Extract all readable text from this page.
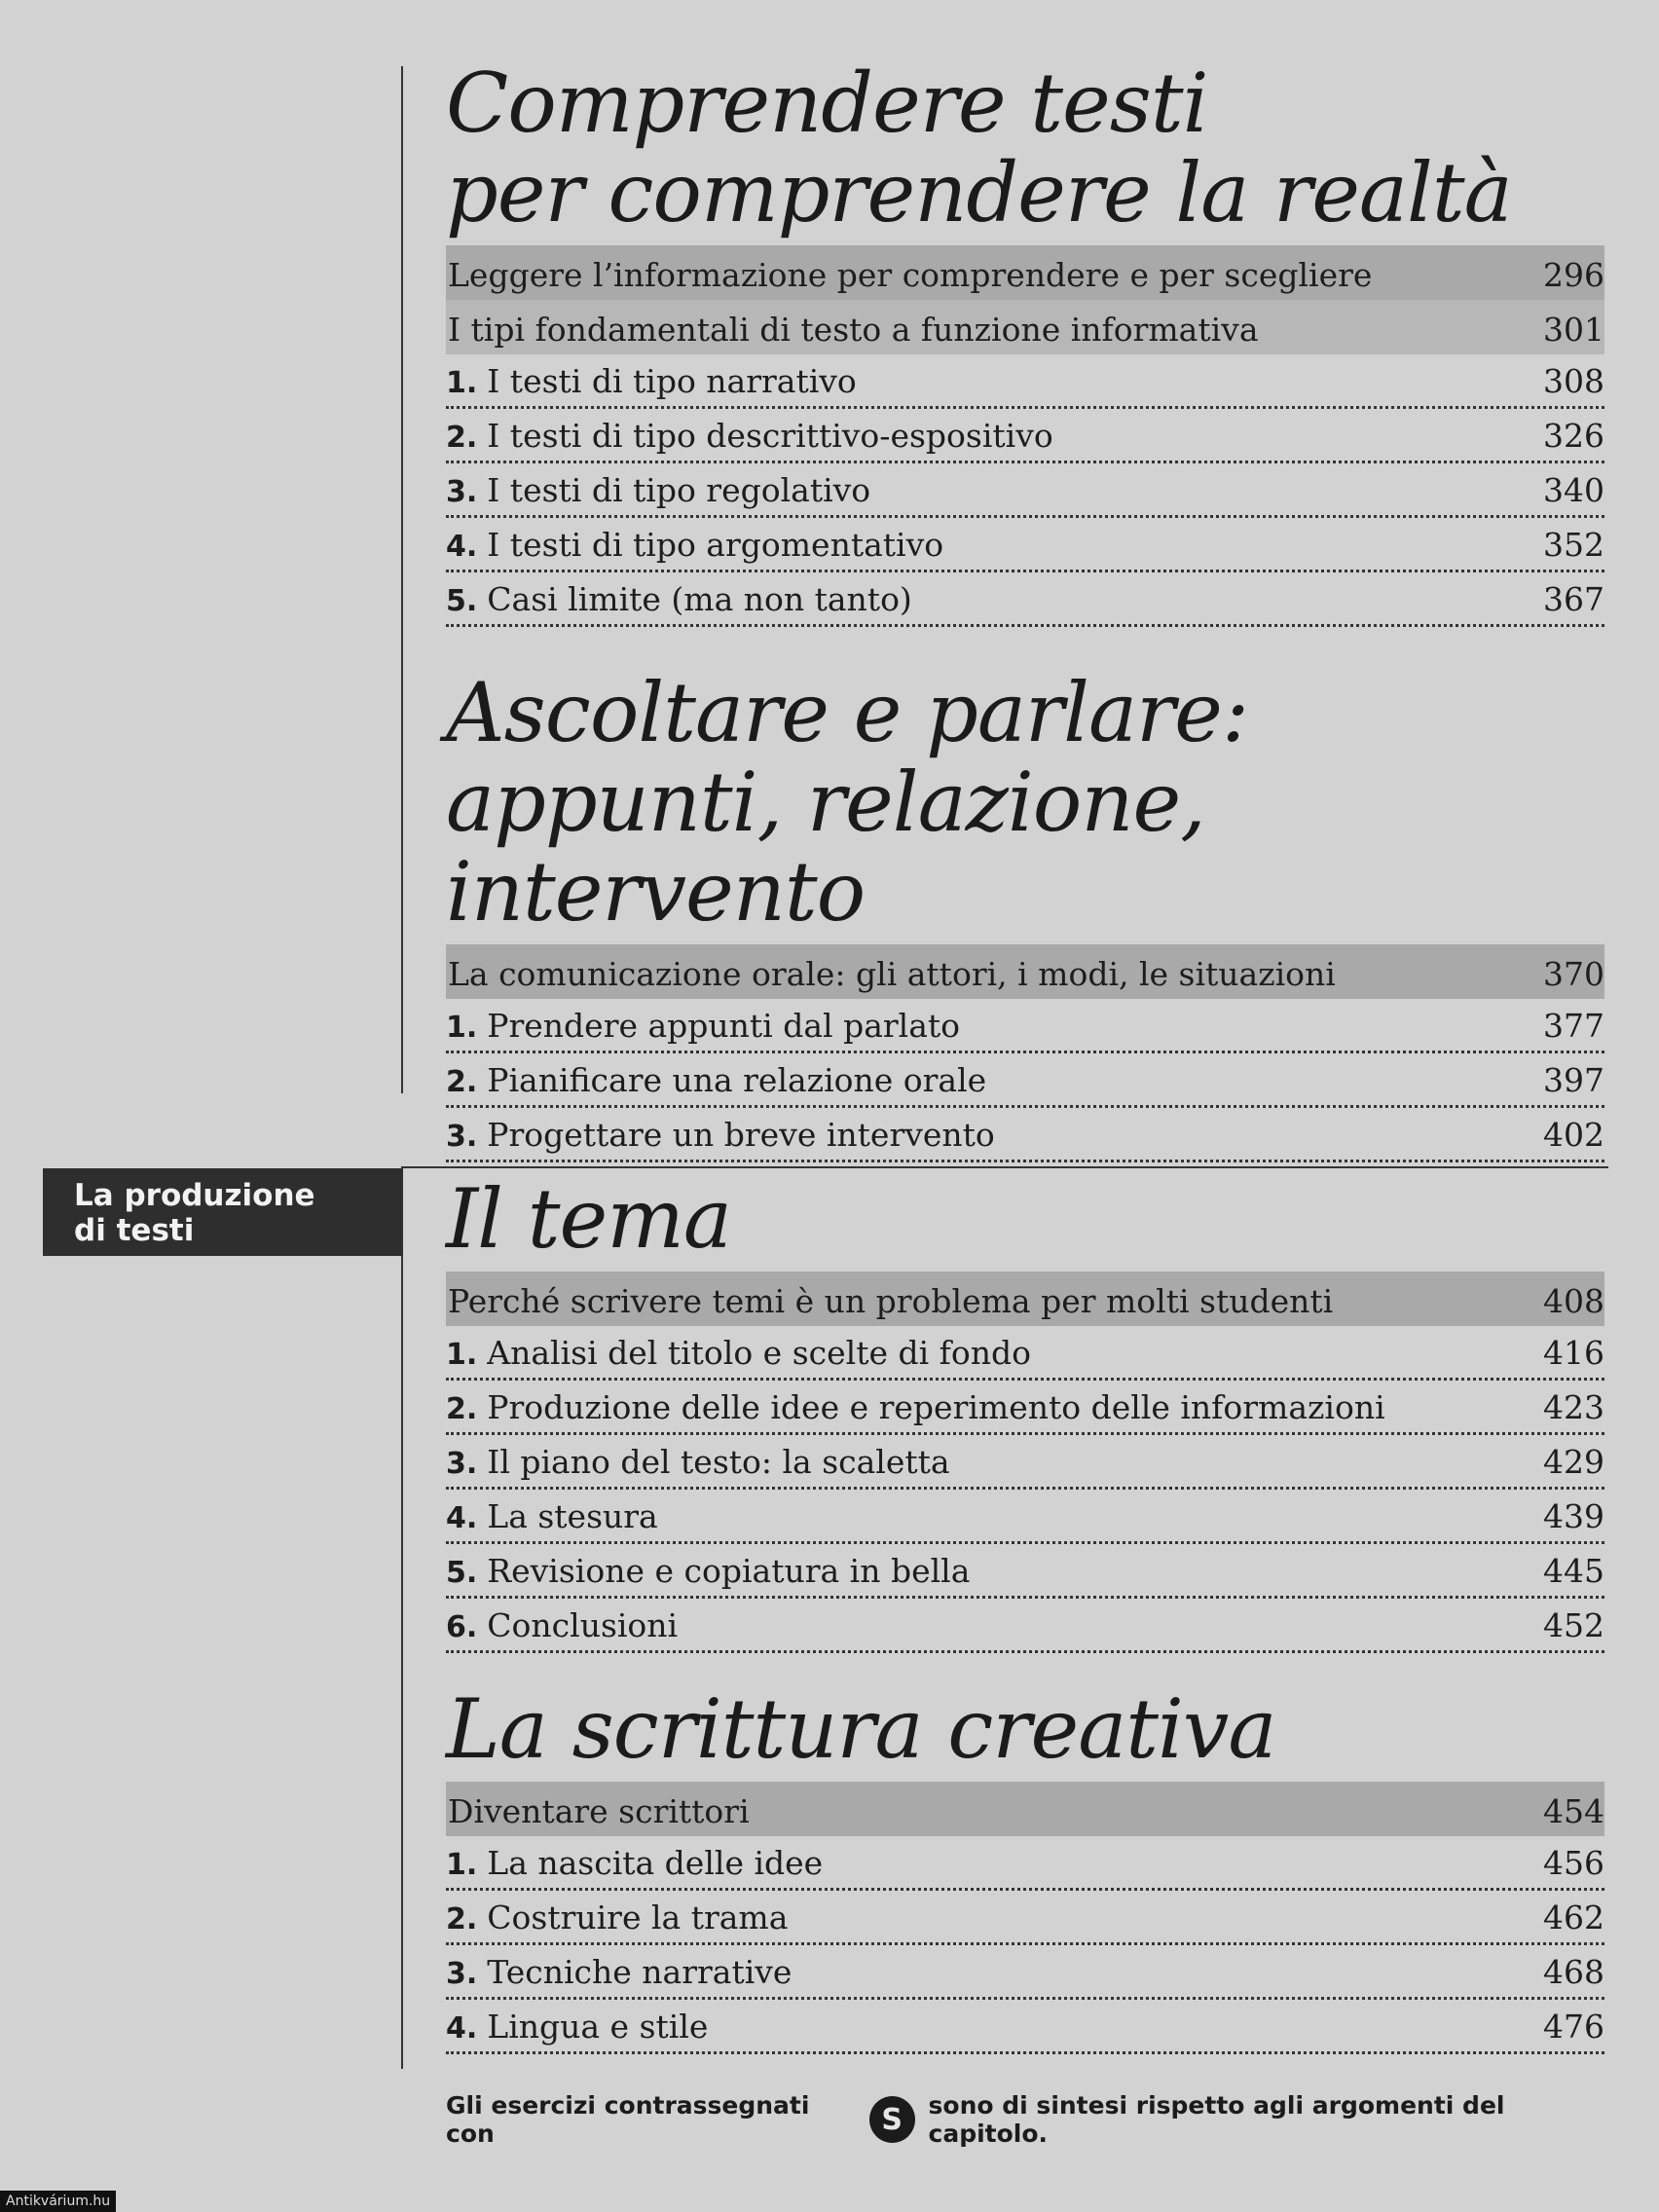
La produzione
di testi
Comprendere testi
per comprendere la realtà
Leggere l’informazione per comprendere e per scegliere	296
I tipi fondamentali di testo a funzione informativa	301
1. I testi di tipo narrativo	308
2. I testi di tipo descrittivo-espositivo	326
3. I testi di tipo regolativo	340
4. I testi di tipo argomentativo	352
5. Casi limite (ma non tanto)	367
Ascoltare e parlare:
appunti, relazione, intervento
La comunicazione orale: gli attori, i modi, le situazioni	370
1. Prendere appunti dal parlato	377
2. Pianificare una relazione orale	397
3. Progettare un breve intervento	402
Il tema
Perché scrivere temi è un problema per molti studenti	408
1. Analisi del titolo e scelte di fondo	416
2. Produzione delle idee e reperimento delle informazioni	423
3. Il piano del testo: la scaletta	429
4. La stesura	439
5. Revisione e copiatura in bella	445
6. Conclusioni	452
La scrittura creativa
Diventare scrittori	454
1. La nascita delle idee	456
2. Costruire la trama	462
3. Tecniche narrative	468
4. Lingua e stile	476
Gli esercizi contrassegnati con	S	sono di sintesi rispetto agli argomenti del capitolo.
Antikvárium.hu
